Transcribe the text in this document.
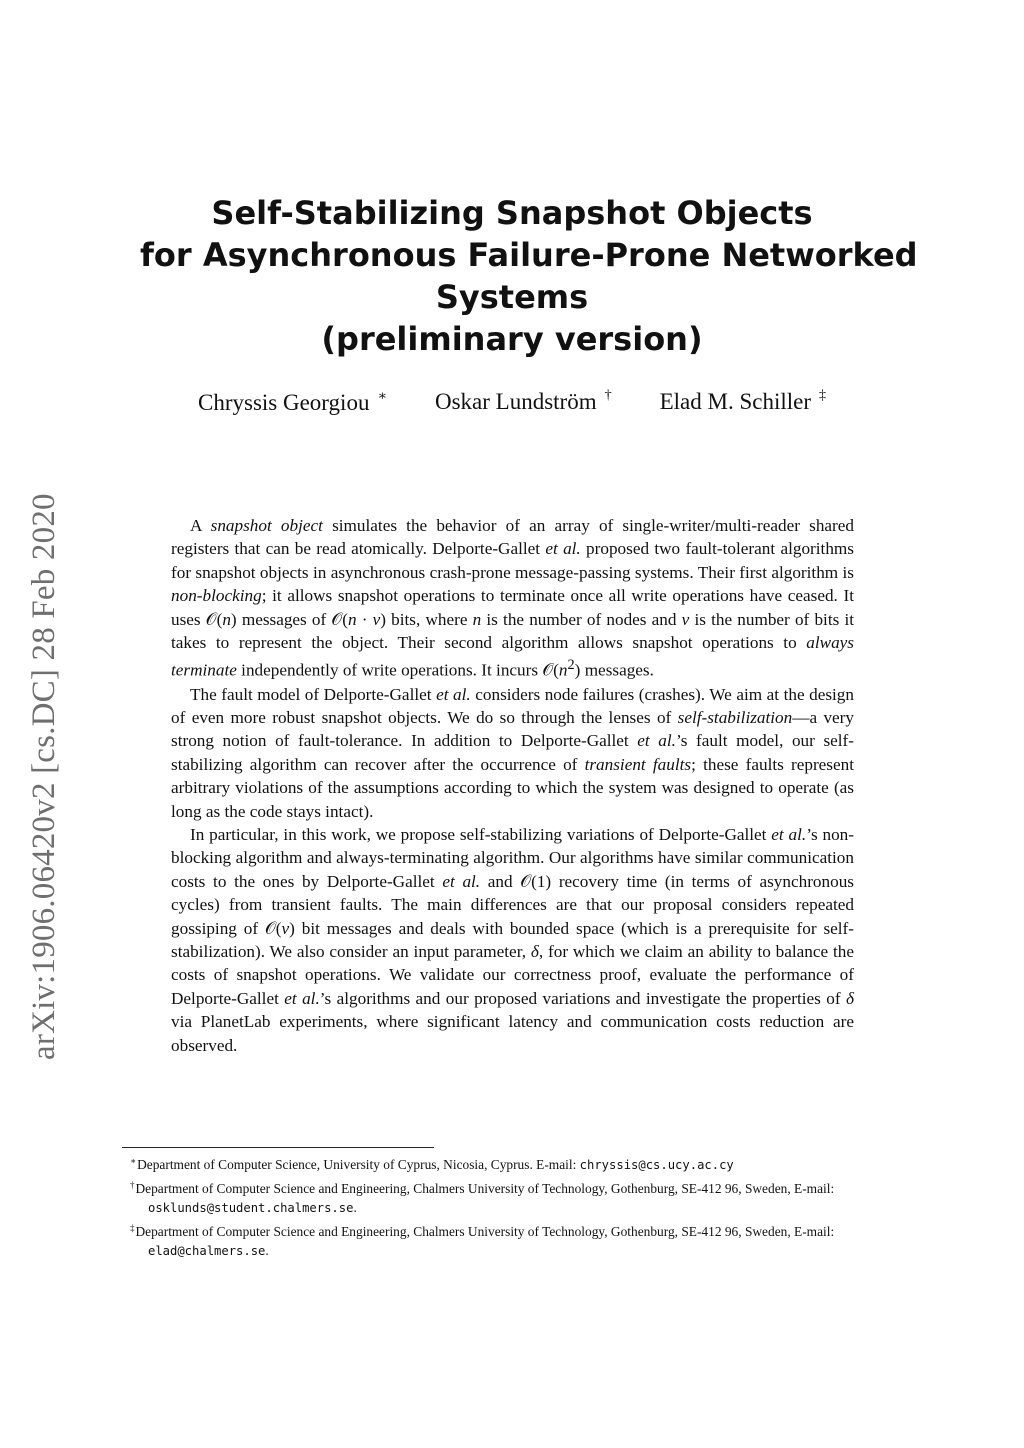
arXiv:1906.06420v2 [cs.DC] 28 Feb 2020
Self-Stabilizing Snapshot Objects
for Asynchronous Failure-Prone Networked
Systems
(preliminary version)
Chryssis Georgiou ∗ Oskar Lundström † Elad M. Schiller ‡

A snapshot object simulates the behavior of an array of single-writer/multi-reader shared registers that can be read atomically. Delporte-Gallet et al. proposed two fault-tolerant algorithms for snapshot objects in asynchronous crash-prone message-passing systems. Their first algorithm is non-blocking; it allows snapshot operations to terminate once all write operations have ceased. It uses 𝒪(n) messages of 𝒪(n · ν) bits, where n is the number of nodes and ν is the number of bits it takes to represent the object. Their second algorithm allows snapshot operations to always terminate independently of write operations. It incurs $𝒪(n^2)$ messages.

The fault model of Delporte-Gallet et al. considers node failures (crashes). We aim at the design of even more robust snapshot objects. We do so through the lenses of self-stabilization—a very strong notion of fault-tolerance. In addition to Delporte-Gallet et al.’s fault model, our self-stabilizing algorithm can recover after the occurrence of transient faults; these faults represent arbitrary violations of the assumptions according to which the system was designed to operate (as long as the code stays intact).

In particular, in this work, we propose self-stabilizing variations of Delporte-Gallet et al.’s non-blocking algorithm and always-terminating algorithm. Our algorithms have similar communication costs to the ones by Delporte-Gallet et al. and 𝒪(1) recovery time (in terms of asynchronous cycles) from transient faults. The main differences are that our proposal considers repeated gossiping of 𝒪(ν) bit messages and deals with bounded space (which is a prerequisite for self-stabilization). We also consider an input parameter, δ, for which we claim an ability to balance the costs of snapshot operations. We validate our correctness proof, evaluate the performance of Delporte-Gallet et al.’s algorithms and our proposed variations and investigate the properties of δ via PlanetLab experiments, where significant latency and communication costs reduction are observed.

∗Department of Computer Science, University of Cyprus, Nicosia, Cyprus. E-mail: chryssis@cs.ucy.ac.cy

†Department of Computer Science and Engineering, Chalmers University of Technology, Gothenburg, SE-412 96, Sweden, E-mail: osklunds@student.chalmers.se.

‡Department of Computer Science and Engineering, Chalmers University of Technology, Gothenburg, SE-412 96, Sweden, E-mail: elad@chalmers.se.
